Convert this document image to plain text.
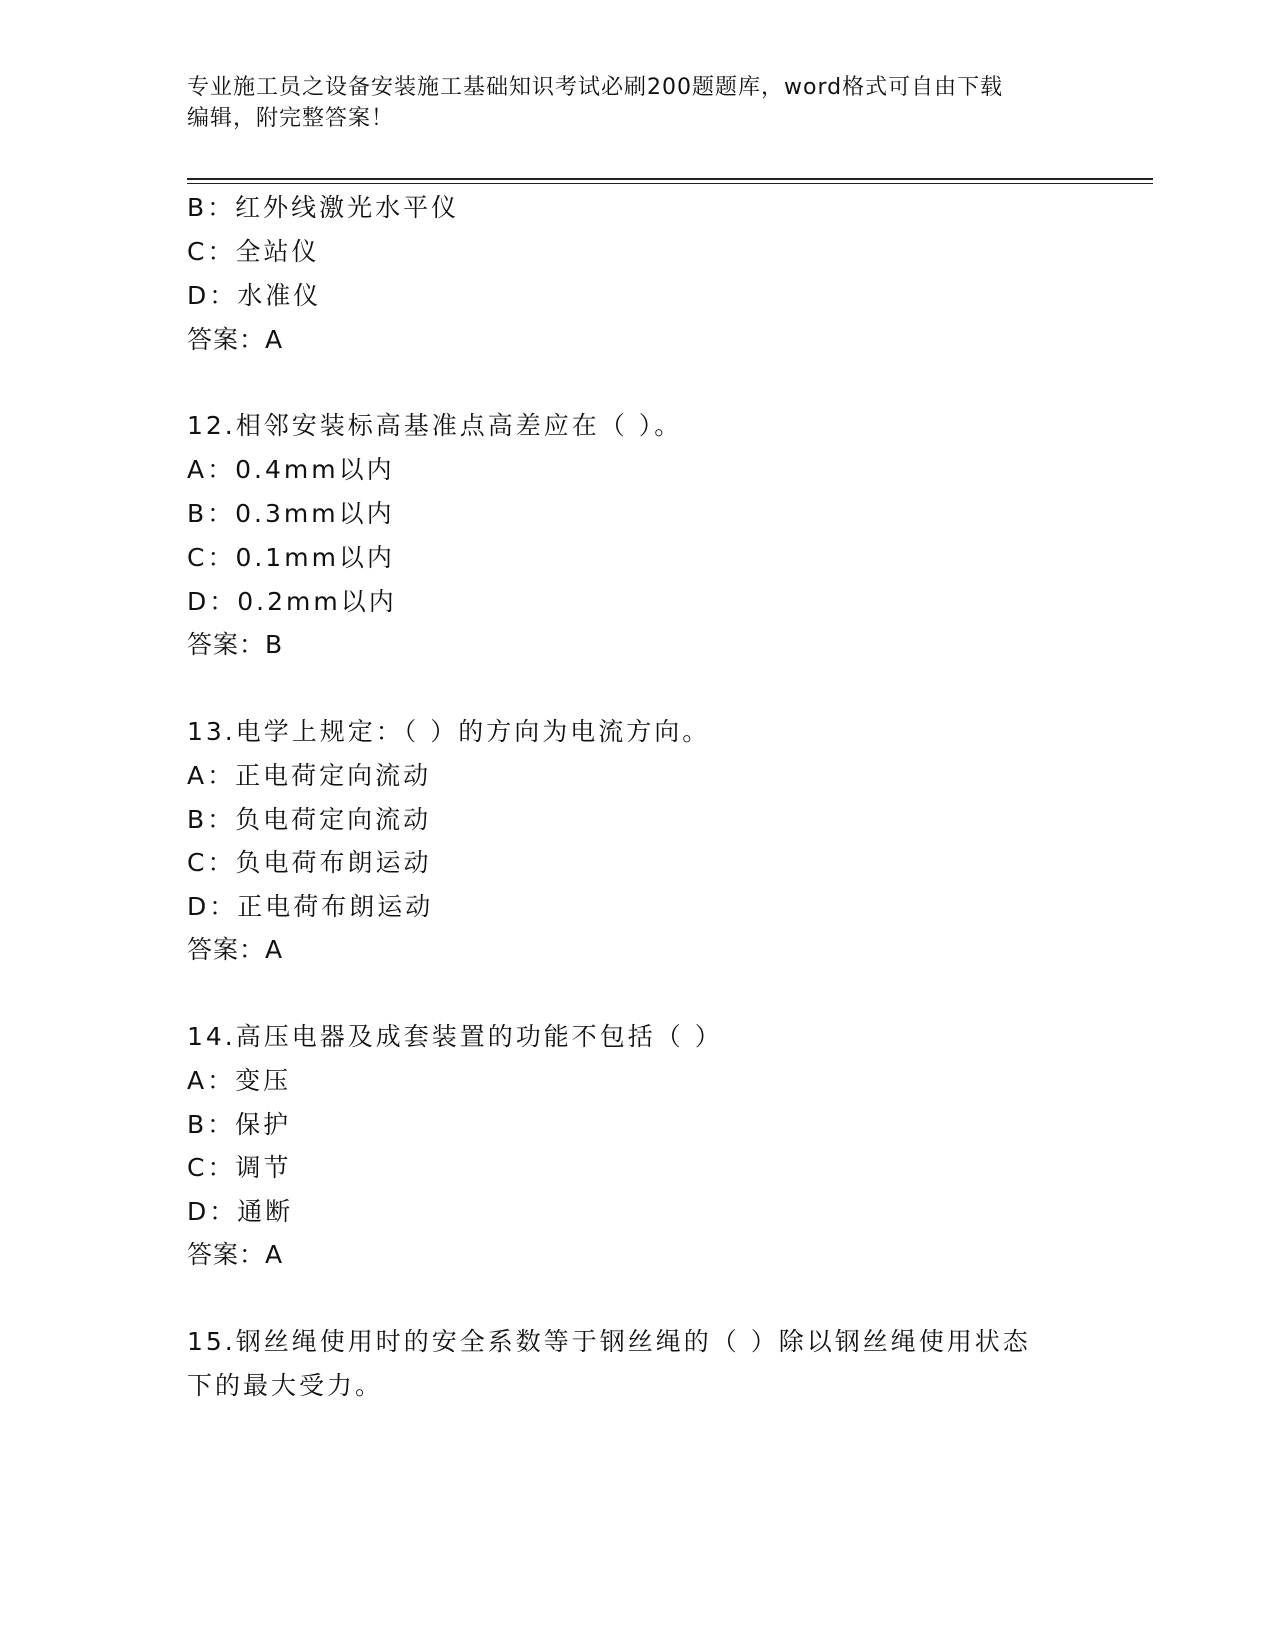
专业施工员之设备安装施工基础知识考试必刷200题题库，word格式可自由下载
编辑，附完整答案！
B：红外线激光水平仪
C：全站仪
D：水准仪
答案：A
12.相邻安装标高基准点高差应在（ ）。
A：0.4mm以内
B：0.3mm以内
C：0.1mm以内
D：0.2mm以内
答案：B
13.电学上规定：（ ）的方向为电流方向。
A：正电荷定向流动
B：负电荷定向流动
C：负电荷布朗运动
D：正电荷布朗运动
答案：A
14.高压电器及成套装置的功能不包括（ ）
A：变压
B：保护
C：调节
D：通断
答案：A
15.钢丝绳使用时的安全系数等于钢丝绳的（ ）除以钢丝绳使用状态
下的最大受力。
